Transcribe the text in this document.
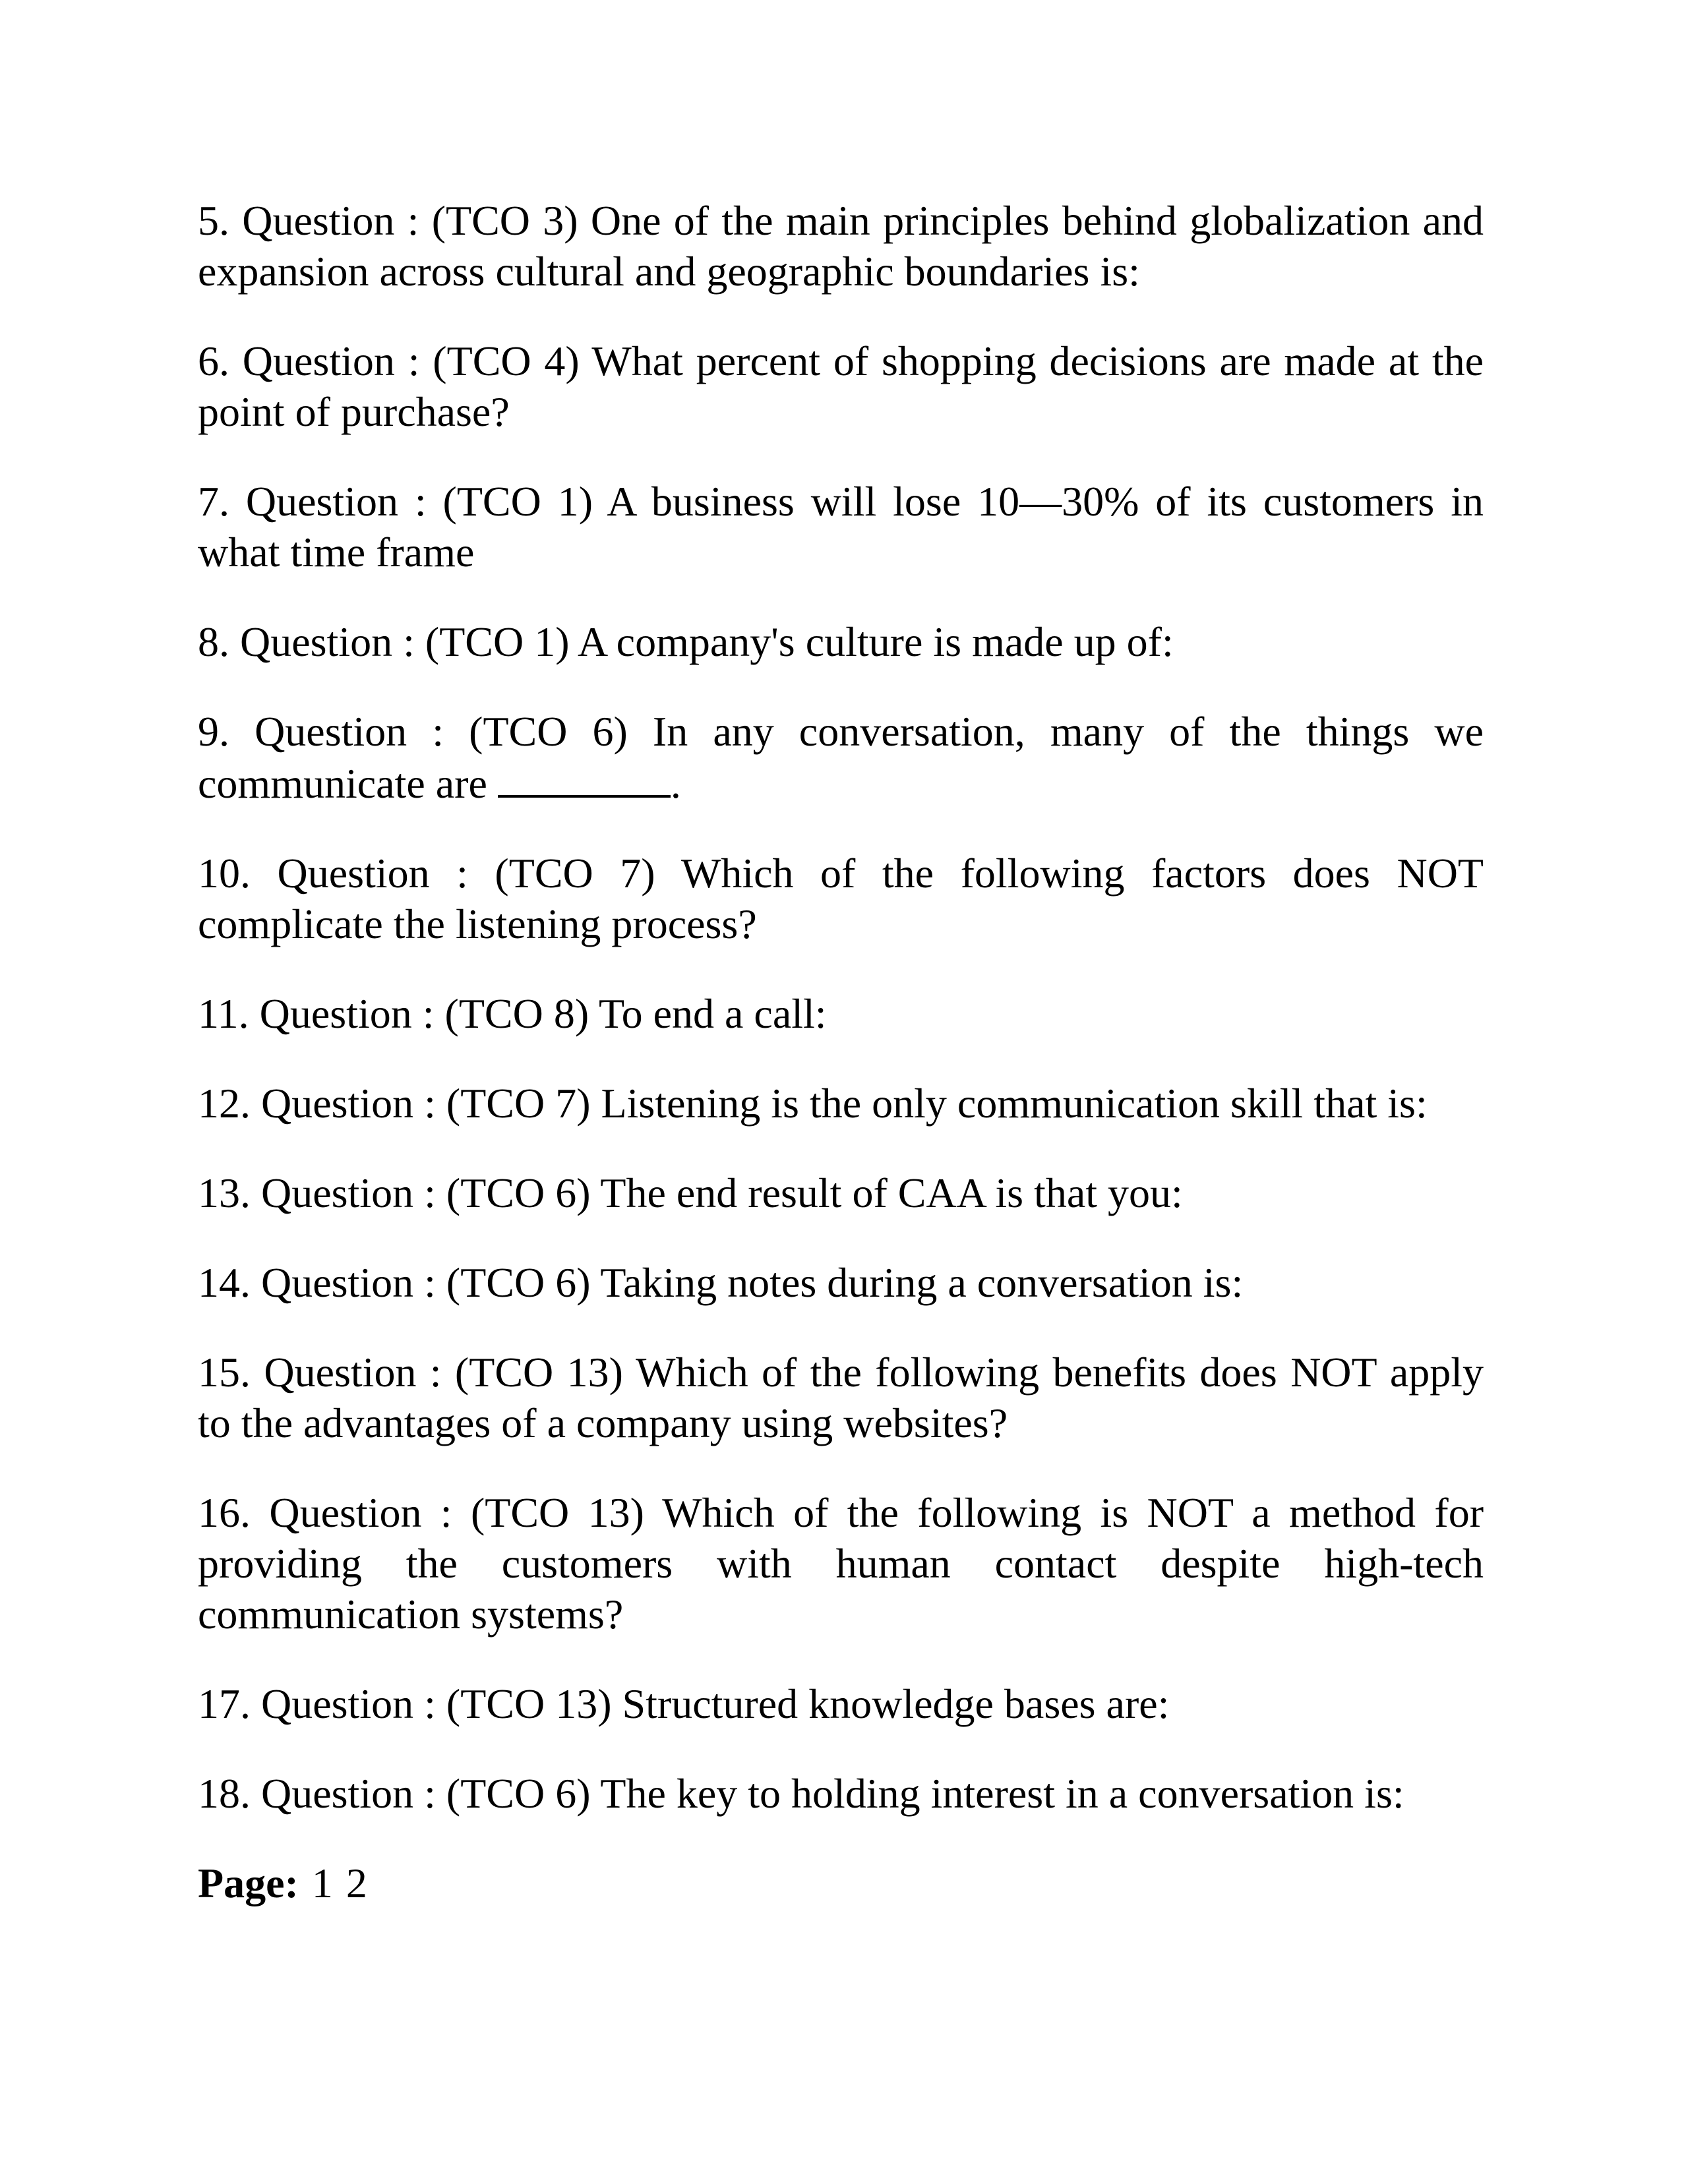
5. Question : (TCO 3) One of the main principles behind globalization and expansion across cultural and geographic boundaries is:

6. Question : (TCO 4) What percent of shopping decisions are made at the point of purchase?

7. Question : (TCO 1) A business will lose 10—30% of its customers in what time frame

8. Question : (TCO 1) A company's culture is made up of:

9. Question : (TCO 6) In any conversation, many of the things we communicate are	.

10. Question : (TCO 7) Which of the following factors does NOT complicate the listening process?

11. Question : (TCO 8) To end a call:

12. Question : (TCO 7) Listening is the only communication skill that is:

13. Question : (TCO 6) The end result of CAA is that you:

14. Question : (TCO 6) Taking notes during a conversation is:

15. Question : (TCO 13) Which of the following benefits does NOT apply to the advantages of a company using websites?

16. Question : (TCO 13) Which of the following is NOT a method for providing the customers with human contact despite high-tech communication systems?

17. Question : (TCO 13) Structured knowledge bases are:

18. Question : (TCO 6) The key to holding interest in a conversation is:

Page: 1 2
